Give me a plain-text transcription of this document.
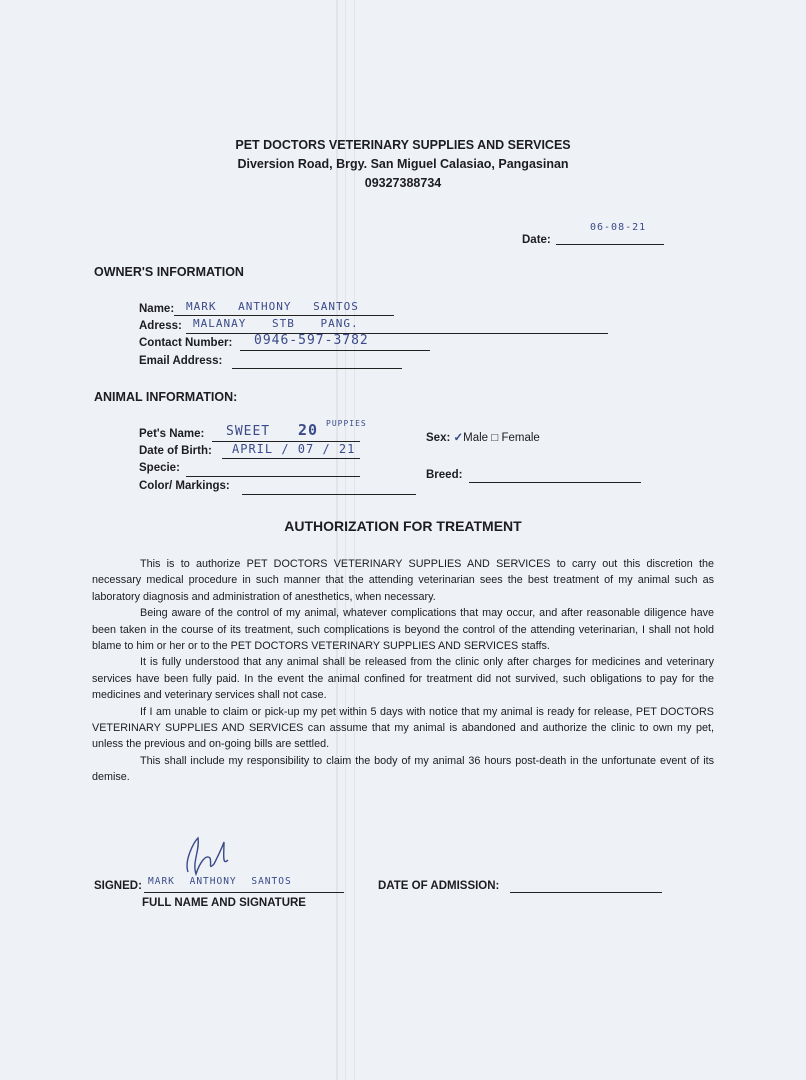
PET DOCTORS VETERINARY SUPPLIES AND SERVICES
Diversion Road, Brgy. San Miguel Calasiao, Pangasinan
09327388734
Date:
06-08-21
OWNER'S INFORMATION
Name: MARK ANTHONY SANTOS
Adress: MALANAY STB PANG.
Contact Number: 0946-597-3782
Email Address:
ANIMAL INFORMATION:
Pet's Name: SWEET 20 PUPPIES
Date of Birth: APRIL / 07 / 21
Specie:
Color/ Markings:
Sex: ✓Male □ Female
Breed:
AUTHORIZATION FOR TREATMENT

This is to authorize PET DOCTORS VETERINARY SUPPLIES AND SERVICES to carry out this discretion the necessary medical procedure in such manner that the attending veterinarian sees the best treatment of my animal such as laboratory diagnosis and administration of anesthetics, when necessary.

Being aware of the control of my animal, whatever complications that may occur, and after reasonable diligence have been taken in the course of its treatment, such complications is beyond the control of the attending veterinarian, I shall not hold blame to him or her or to the PET DOCTORS VETERINARY SUPPLIES AND SERVICES staffs.

It is fully understood that any animal shall be released from the clinic only after charges for medicines and veterinary services have been fully paid. In the event the animal confined for treatment did not survived, such obligations to pay for the medicines and veterinary services shall not case.

If I am unable to claim or pick-up my pet within 5 days with notice that my animal is ready for release, PET DOCTORS VETERINARY SUPPLIES AND SERVICES can assume that my animal is abandoned and authorize the clinic to own my pet, unless the previous and on-going bills are settled.

This shall include my responsibility to claim the body of my animal 36 hours post-death in the unfortunate event of its demise.

SIGNED: MARK ANTHONY SANTOS
FULL NAME AND SIGNATURE
DATE OF ADMISSION:
